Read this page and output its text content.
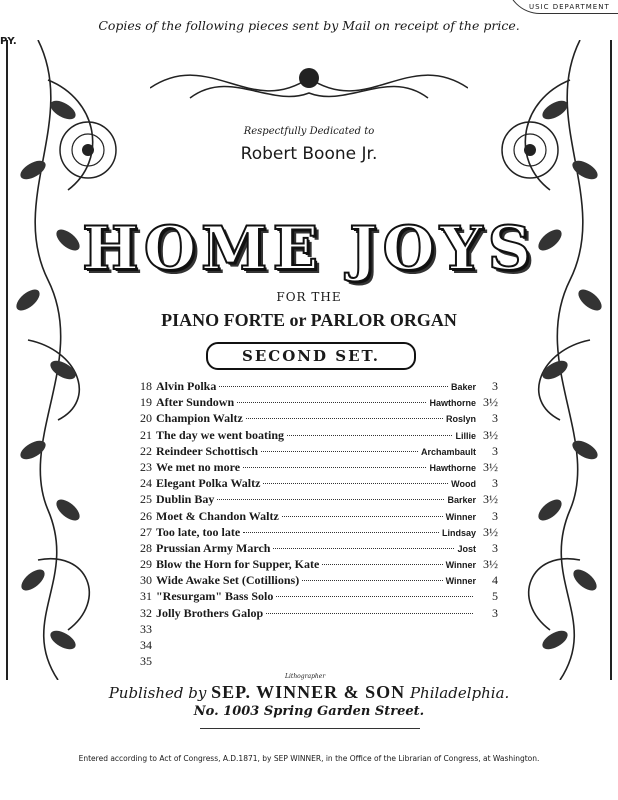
Copies of the following pieces sent by Mail on receipt of the price.
USIC DEPARTMENT
PY.
Respectfully Dedicated to
Robert Boone Jr.
HOME JOYS
FOR THE
PIANO FORTE or PARLOR ORGAN
SECOND SET.
18 Alvin Polka	Baker	3
19 After Sundown	Hawthorne 3½
20 Champion Waltz	Roslyn	3
21 The day we went boating	Lillie 3½
22 Reindeer Schottisch	Archambault	3
23 We met no more	Hawthorne 3½
24 Elegant Polka Waltz	Wood	3
25 Dublin Bay	Barker 3½
26 Moet & Chandon Waltz	Winner	3
27 Too late, too late	Lindsay 3½
28 Prussian Army March	Jost	3
29 Blow the Horn for Supper, Kate	Winner 3½
30 Wide Awake Set (Cotillions)	Winner	4
31 "Resurgam" Bass Solo	5
32 Jolly Brothers Galop	3
33
34
35
Lithographer
Published by SEP. WINNER & SON Philadelphia.
No. 1003 Spring Garden Street.
Entered according to Act of Congress, A.D.1871, by SEP WINNER, in the Office of the Librarian of Congress, at Washington.
